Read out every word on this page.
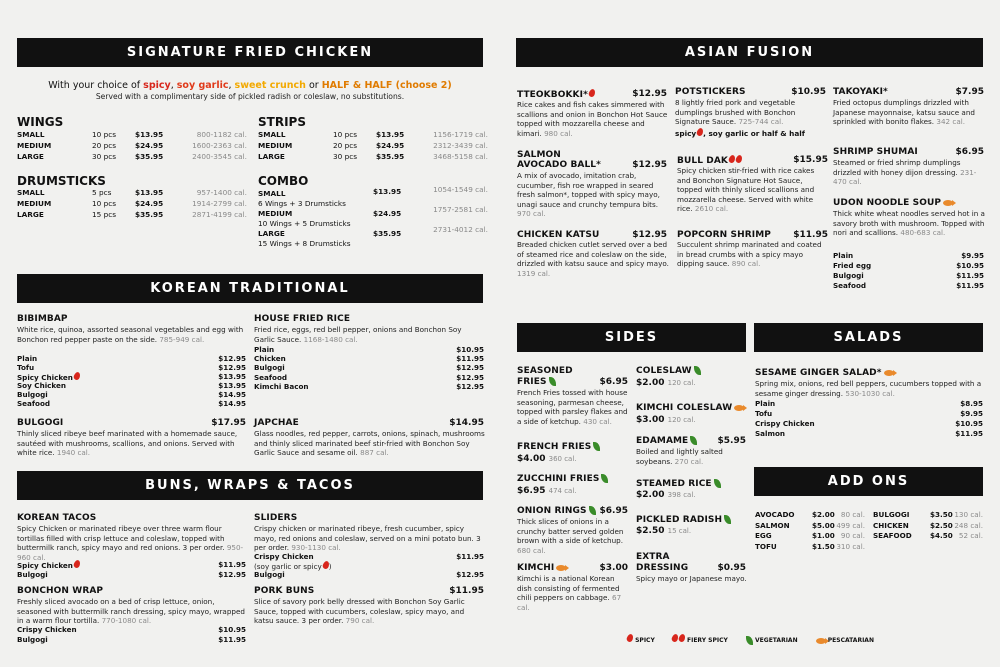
SIGNATURE FRIED CHICKEN
With your choice of spicy, soy garlic, sweet crunch or HALF & HALF (choose 2)
Served with a complimentary side of pickled radish or coleslaw, no substitutions.
WINGS
SMALL	10 pcs	$13.95	800-1182 cal.
MEDIUM	20 pcs	$24.95	1600-2363 cal.
LARGE	30 pcs	$35.95	2400-3545 cal.
DRUMSTICKS
SMALL	5 pcs	$13.95	957-1400 cal.
MEDIUM	10 pcs	$24.95	1914-2799 cal.
LARGE	15 pcs	$35.95	2871-4199 cal.
STRIPS
SMALL	10 pcs	$13.95	1156-1719 cal.
MEDIUM	20 pcs	$24.95	2312-3439 cal.
LARGE	30 pcs	$35.95	3468-5158 cal.
COMBO
SMALL
6 Wings + 3 Drumsticks
$13.95	1054-1549 cal.
MEDIUM
10 Wings + 5 Drumsticks
$24.95	1757-2581 cal.
LARGE
15 Wings + 8 Drumsticks
$35.95	2731-4012 cal.
KOREAN TRADITIONAL
BIBIMBAP
White rice, quinoa, assorted seasonal vegetables and egg with Bonchon red pepper paste on the side. 785-949 cal.
Plain	$12.95
Tofu	$12.95
Spicy Chicken	$13.95
Soy Chicken	$13.95
Bulgogi	$14.95
Seafood	$14.95
HOUSE FRIED RICE
Fried rice, eggs, red bell pepper, onions and Bonchon Soy Garlic Sauce. 1168-1480 cal.
Plain	$10.95
Chicken	$11.95
Bulgogi	$12.95
Seafood	$12.95
Kimchi Bacon	$12.95
BULGOGI	$17.95
Thinly sliced ribeye beef marinated with a homemade sauce, sautéed with mushrooms, scallions, and onions. Served with white rice. 1940 cal.
JAPCHAE	$14.95
Glass noodles, red pepper, carrots, onions, spinach, mushrooms and thinly sliced marinated beef stir-fried with Bonchon Soy Garlic Sauce and sesame oil. 887 cal.
BUNS, WRAPS & TACOS
KOREAN TACOS
Spicy Chicken or marinated ribeye over three warm flour tortillas filled with crisp lettuce and coleslaw, topped with buttermilk ranch, spicy mayo and red onions. 3 per order. 950-960 cal.
Spicy Chicken	$11.95
Bulgogi	$12.95
SLIDERS
Crispy chicken or marinated ribeye, fresh cucumber, spicy mayo, red onions and coleslaw, served on a mini potato bun. 3 per order. 930-1130 cal.
Crispy Chicken	$11.95
(soy garlic or spicy )
Bulgogi	$12.95
BONCHON WRAP
Freshly sliced avocado on a bed of crisp lettuce, onion, seasoned with buttermilk ranch dressing, spicy mayo, wrapped in a warm flour tortilla. 770-1080 cal.
Crispy Chicken	$10.95
Bulgogi	$11.95
PORK BUNS	$11.95
Slice of savory pork belly dressed with Bonchon Soy Garlic Sauce, topped with cucumbers, coleslaw, spicy mayo, and katsu sauce. 3 per order. 790 cal.
ASIAN FUSION
TTEOKBOKKI*	$12.95
Rice cakes and fish cakes simmered with scallions and onion in Bonchon Hot Sauce topped with mozzarella cheese and kimari. 980 cal.
POTSTICKERS	$10.95
8 lightly fried pork and vegetable dumplings brushed with Bonchon Signature Sauce. 725-744 cal.
spicy , soy garlic or half & half
TAKOYAKI*	$7.95
Fried octopus dumplings drizzled with Japanese mayonnaise, katsu sauce and sprinkled with bonito flakes. 342 cal.
SALMON
AVOCADO BALL*	$12.95
A mix of avocado, imitation crab, cucumber, fish roe wrapped in seared fresh salmon*, topped with spicy mayo, unagi sauce and crunchy tempura bits. 970 cal.
BULL DAK	$15.95
Spicy chicken stir-fried with rice cakes and Bonchon Signature Hot Sauce, topped with thinly sliced scallions and mozzarella cheese. Served with white rice. 2610 cal.
SHRIMP SHUMAI	$6.95
Steamed or fried shrimp dumplings drizzled with honey dijon dressing. 231-470 cal.
CHICKEN KATSU	$12.95
Breaded chicken cutlet served over a bed of steamed rice and coleslaw on the side, drizzled with katsu sauce and spicy mayo. 1319 cal.
POPCORN SHRIMP	$11.95
Succulent shrimp marinated and coated in bread crumbs with a spicy mayo dipping sauce. 890 cal.
UDON NOODLE SOUP
Thick white wheat noodles served hot in a savory broth with mushroom. Topped with nori and scallions. 480-683 cal.
Plain	$9.95
Fried egg	$10.95
Bulgogi	$11.95
Seafood	$11.95
SIDES
SEASONED
FRIES	$6.95
French Fries tossed with house seasoning, parmesan cheese, topped with parsley flakes and a side of ketchup. 430 cal.
FRENCH FRIES
$4.00 360 cal.
ZUCCHINI FRIES
$6.95 474 cal.
ONION RINGS	$6.95
Thick slices of onions in a crunchy batter served golden brown with a side of ketchup. 680 cal.
KIMCHI	$3.00
Kimchi is a national Korean dish consisting of fermented chili peppers on cabbage. 67 cal.
COLESLAW
$2.00 120 cal.
KIMCHI COLESLAW
$3.00 120 cal.
EDAMAME	$5.95
Boiled and lightly salted soybeans. 270 cal.
STEAMED RICE
$2.00 398 cal.
PICKLED RADISH
$2.50 15 cal.
EXTRA
DRESSING	$0.95
Spicy mayo or Japanese mayo.
SALADS
SESAME GINGER SALAD*
Spring mix, onions, red bell peppers, cucumbers topped with a sesame ginger dressing. 530-1030 cal.
Plain	$8.95
Tofu	$9.95
Crispy Chicken	$10.95
Salmon	$11.95
ADD ONS
AVOCADO $2.00 80 cal.
SALMON	$5.00 499 cal.
EGG	$1.00 90 cal.
TOFU	$1.50 310 cal.
BULGOGI	$3.50 130 cal.
CHICKEN	$2.50 248 cal.
SEAFOOD	$4.50 52 cal.
SPICY	FIERY SPICY	VEGETARIAN	PESCATARIAN
